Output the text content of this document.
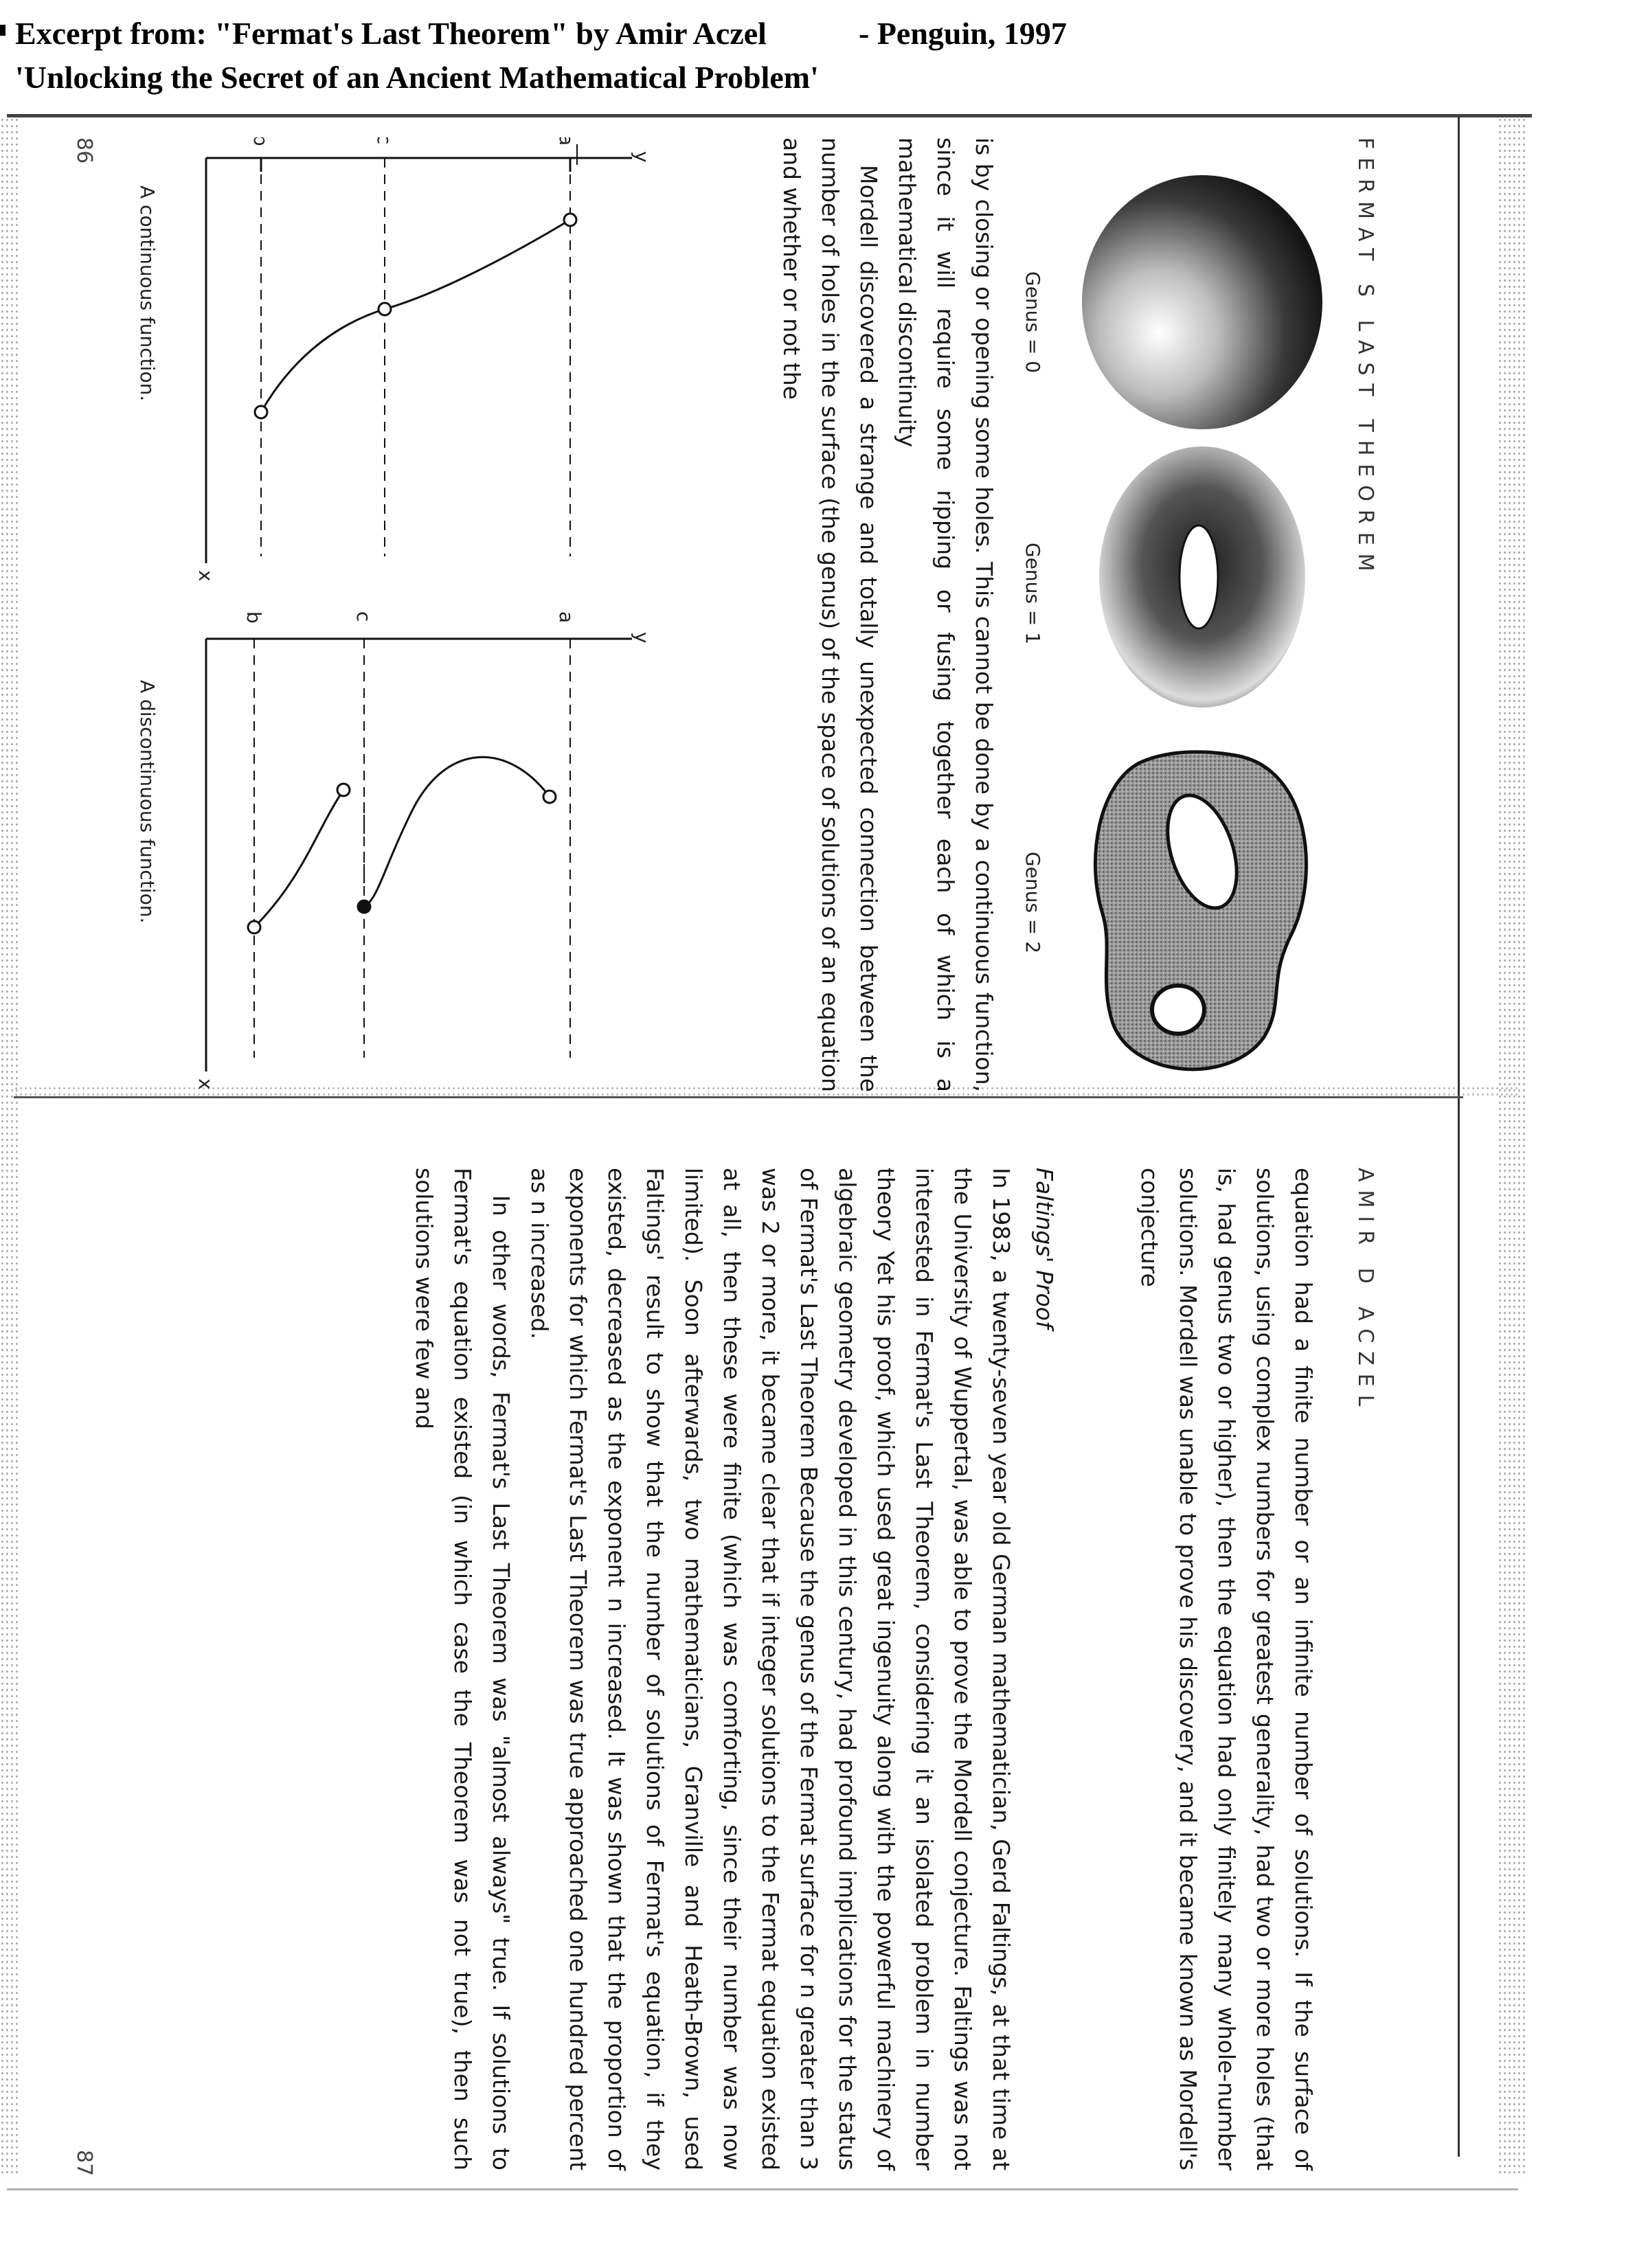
Excerpt from: "Fermat's Last Theorem" by Amir Aczel	- Penguin, 1997
'Unlocking the Secret of an Ancient Mathematical Problem'
FERMAT S LAST THEOREM
Genus = 0
Genus = 1
Genus = 2

is by closing or opening some holes. This cannot be done by a continuous function, since it will require some ripping or fusing together each of which is a mathematical discontinuity

Mordell discovered a strange and totally unexpected connection between the number of holes in the surface (the genus) of the space of solutions of an equation and whether or not the

x
y
a
c
b
A continuous function.
x
y
a
c
b
A discontinuous function.
86
AMIR D ACZEL

equation had a finite number or an infinite number of solutions. If the surface of solutions, using complex numbers for greatest generality, had two or more holes (that is, had genus two or higher), then the equation had only finitely many whole-number solutions. Mordell was unable to prove his discovery, and it became known as Mordell's conjecture

Faltings' Proof

In 1983, a twenty-seven year old German mathematician, Gerd Faltings, at that time at the University of Wuppertal, was able to prove the Mordell conjecture. Faltings was not interested in Fermat's Last Theorem, considering it an isolated problem in number theory Yet his proof, which used great ingenuity along with the powerful machinery of algebraic geometry developed in this century, had profound implications for the status of Fermat's Last Theorem Because the genus of the Fermat surface for n greater than 3 was 2 or more, it became clear that if integer solutions to the Fermat equation existed at all, then these were finite (which was comforting, since their number was now limited). Soon afterwards, two mathematicians, Granville and Heath-Brown, used Faltings' result to show that the number of solutions of Fermat's equation, if they existed, decreased as the exponent n increased. It was shown that the proportion of exponents for which Fermat's Last Theorem was true approached one hundred percent as n increased.

In other words, Fermat's Last Theorem was "almost always" true. If solutions to Fermat's equation existed (in which case the Theorem was not true), then such solutions were few and

87
